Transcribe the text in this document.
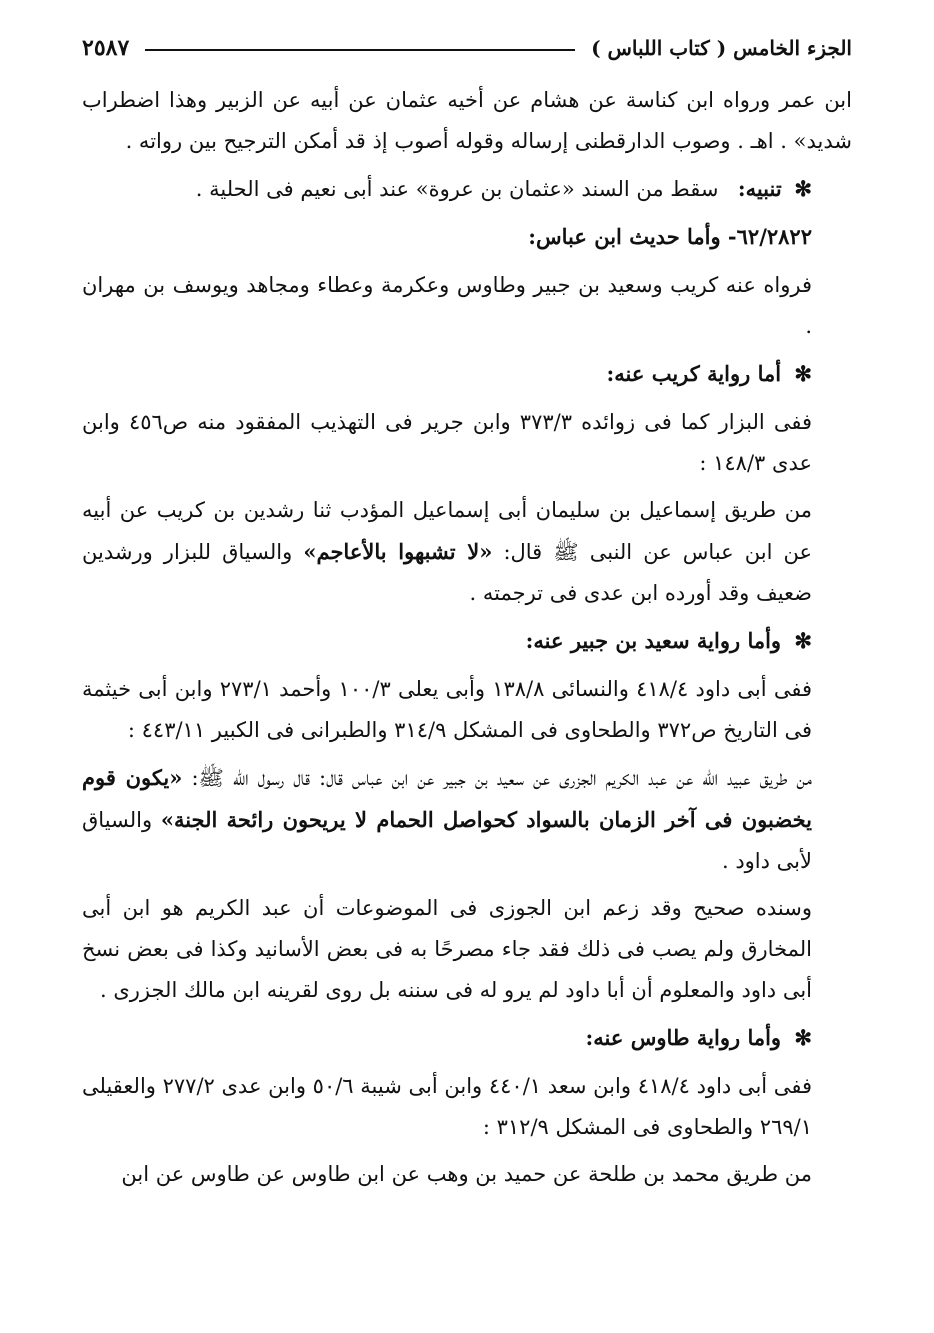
الجزء الخامس ( كتاب اللباس )
٢٥٨٧

ابن عمر ورواه ابن كناسة عن هشام عن أخيه عثمان عن أبيه عن الزبير وهذا اضطراب شديد» . اهـ . وصوب الدارقطنى إرساله وقوله أصوب إذ قد أمكن الترجيح بين رواته .

✻ تنبيه:  سقط من السند «عثمان بن عروة» عند أبى نعيم فى الحلية .

٦٢/٢٨٢٢- وأما حديث ابن عباس:

فرواه عنه كريب وسعيد بن جبير وطاوس وعكرمة وعطاء ومجاهد ويوسف بن مهران .

✻ أما رواية كريب عنه:

ففى البزار كما فى زوائده ٣٧٣/٣ وابن جرير فى التهذيب المفقود منه ص٤٥٦ وابن عدى ١٤٨/٣ :

من طريق إسماعيل بن سليمان أبى إسماعيل المؤدب ثنا رشدين بن كريب عن أبيه عن ابن عباس عن النبى ﷺ قال: «لا تشبهوا بالأعاجم» والسياق للبزار ورشدين ضعيف وقد أورده ابن عدى فى ترجمته .

✻ وأما رواية سعيد بن جبير عنه:

ففى أبى داود ٤١٨/٤ والنسائى ١٣٨/٨ وأبى يعلى ١٠٠/٣ وأحمد ٢٧٣/١ وابن أبى خيثمة فى التاريخ ص٣٧٢ والطحاوى فى المشكل ٣١٤/٩ والطبرانى فى الكبير ٤٤٣/١١ :

من طريق عبيد الله عن عبد الكريم الجزرى عن سعيد بن جبير عن ابن عباس قال: قال رسول الله ﷺ: «يكون قوم يخضبون فى آخر الزمان بالسواد كحواصل الحمام لا يريحون رائحة الجنة» والسياق لأبى داود .

وسنده صحيح وقد زعم ابن الجوزى فى الموضوعات أن عبد الكريم هو ابن أبى المخارق ولم يصب فى ذلك فقد جاء مصرحًا به فى بعض الأسانيد وكذا فى بعض نسخ أبى داود والمعلوم أن أبا داود لم يرو له فى سننه بل روى لقرينه ابن مالك الجزرى .

✻ وأما رواية طاوس عنه:

ففى أبى داود ٤١٨/٤ وابن سعد ٤٤٠/١ وابن أبى شيبة ٥٠/٦ وابن عدى ٢٧٧/٢ والعقيلى ٢٦٩/١ والطحاوى فى المشكل ٣١٢/٩ :

من طريق محمد بن طلحة عن حميد بن وهب عن ابن طاوس عن طاوس عن ابن
